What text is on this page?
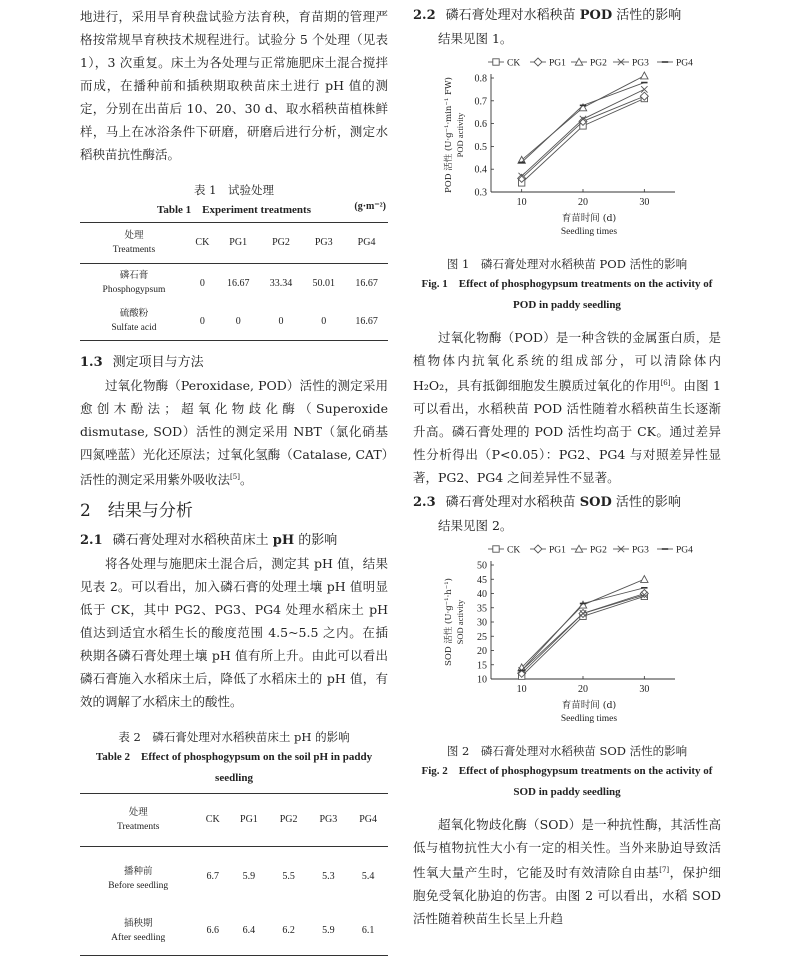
地进行，采用旱育秧盘试验方法育秧，育苗期的管理严格按常规旱育秧技术规程进行。试验分 5 个处理（见表 1），3 次重复。床土为各处理与正常施肥床土混合搅拌而成，在播种前和插秧期取秧苗床土进行 pH 值的测定，分别在出苗后 10、20、30 d、取水稻秧苗植株鲜样，马上在冰浴条件下研磨，研磨后进行分析，测定水稻秧苗抗性酶活。

表 1　试验处理
Table 1　Experiment treatments	(g·m⁻²)
处理
Treatments	CK	PG1	PG2	PG3	PG4

磷石膏
Phosphogypsum	0	16.67	33.34	50.01	16.67

硫酸粉
Sulfate acid	0	0	0	0	16.67
1.3 测定项目与方法

过氧化物酶（Peroxidase, POD）活性的测定采用愈创木酚法；超氧化物歧化酶（Superoxide dismutase, SOD）活性的测定采用 NBT（氯化硝基四氮唑蓝）光化还原法；过氧化氢酶（Catalase, CAT）活性的测定采用紫外吸收法[5]。

2　结果与分析
2.1 磷石膏处理对水稻秧苗床土 pH 的影响

将各处理与施肥床土混合后，测定其 pH 值，结果见表 2。可以看出，加入磷石膏的处理土壤 pH 值明显低于 CK，其中 PG2、PG3、PG4 处理水稻床土 pH 值达到适宜水稻生长的酸度范围 4.5~5.5 之内。在插秧期各磷石膏处理土壤 pH 值有所上升。由此可以看出磷石膏施入水稻床土后，降低了水稻床土的 pH 值，有效的调解了水稻床土的酸性。

表 2　磷石膏处理对水稻秧苗床土 pH 的影响
Table 2　Effect of phosphogypsum on the soil pH in paddy seedling
处理
Treatments	CK	PG1	PG2	PG3	PG4

播种前
Before seedling	6.7	5.9	5.5	5.3	5.4

插秧期
After seedling	6.6	6.4	6.2	5.9	6.1
2.2 磷石膏处理对水稻秧苗 POD 活性的影响

结果见图 1。

CK	PG1	PG2	PG3	PG4
0.3
0.4
0.5
0.6
0.7
0.8
10	20	30
育苗时间 (d)
Seedling times
POD 活性 (U·g⁻¹·min⁻¹ FW) POD activity
图 1　磷石膏处理对水稻秧苗 POD 活性的影响
Fig. 1　Effect of phosphogypsum treatments on the activity of POD in paddy seedling

过氧化物酶（POD）是一种含铁的金属蛋白质，是植物体内抗氧化系统的组成部分，可以清除体内 H₂O₂，具有抵御细胞发生膜质过氧化的作用[6]。由图 1 可以看出，水稻秧苗 POD 活性随着水稻秧苗生长逐渐升高。磷石膏处理的 POD 活性均高于 CK。通过差异性分析得出（P<0.05）：PG2、PG4 与对照差异性显著，PG2、PG4 之间差异性不显著。

2.3 磷石膏处理对水稻秧苗 SOD 活性的影响

结果见图 2。

CK	PG1	PG2	PG3	PG4
10
15
20
25
30
35
40
45
50
10	20	30
育苗时间 (d)
Seedling times
SOD 活性 (U·g⁻¹·h⁻¹) SOD activity
图 2　磷石膏处理对水稻秧苗 SOD 活性的影响
Fig. 2　Effect of phosphogypsum treatments on the activity of SOD in paddy seedling

超氧化物歧化酶（SOD）是一种抗性酶，其活性高低与植物抗性大小有一定的相关性。当外来胁迫导致活性氧大量产生时，它能及时有效清除自由基[7]，保护细胞免受氧化胁迫的伤害。由图 2 可以看出，水稻 SOD 活性随着秧苗生长呈上升趋
